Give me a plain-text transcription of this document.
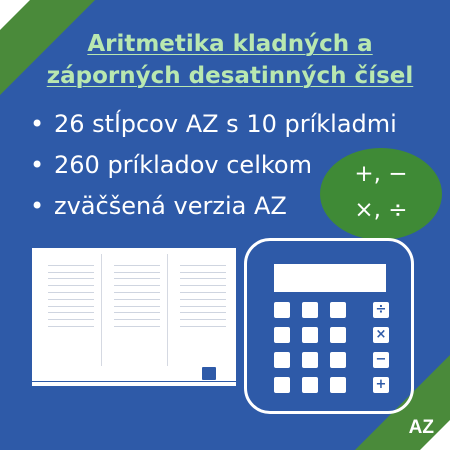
Aritmetika kladných a
záporných desatinných čísel
• 26 stĺpcov AZ s 10 príkladmi
• 260 príkladov celkom
• zväčšená verzia AZ
+, −
×, ÷

÷
×
−
+
AZ
